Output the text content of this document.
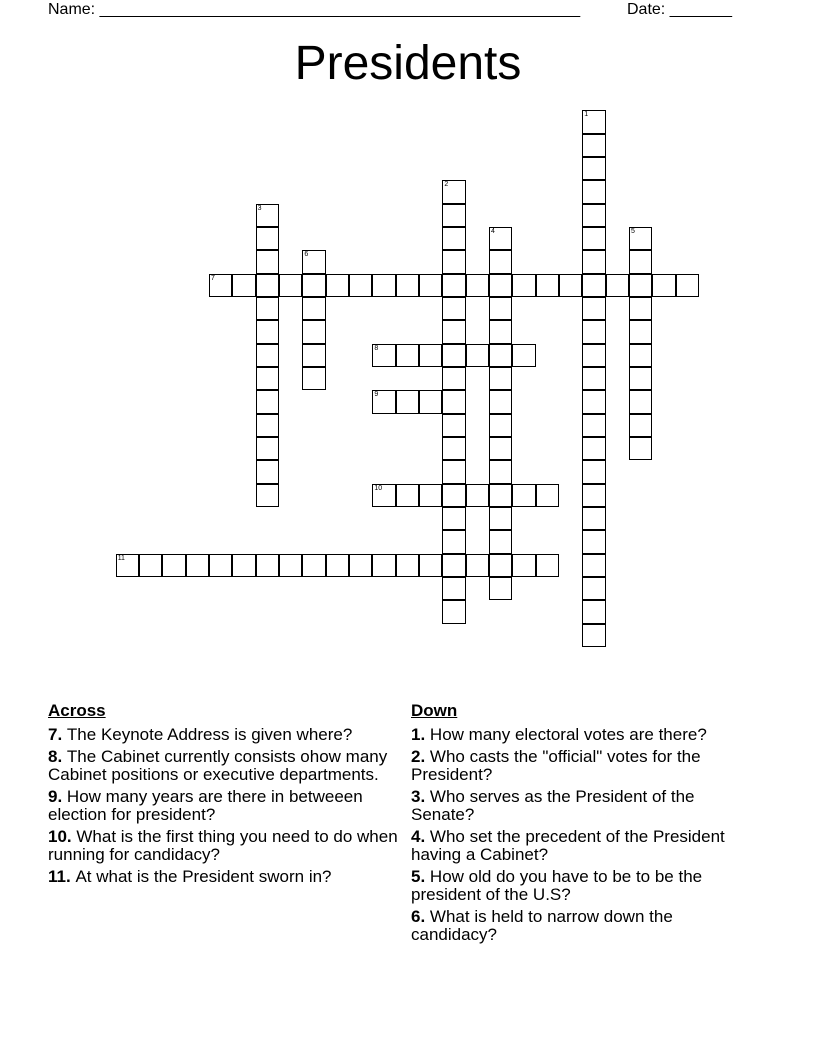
Name: ______________________________________________________	Date: _______
Presidents
1
2
3
4	5
6
7
8
9
10
11
Across
7. The Keynote Address is given where?
8. The Cabinet currently consists ohow many Cabinet positions or executive departments.
9. How many years are there in betweeen election for president?
10. What is the first thing you need to do when running for candidacy?
11. At what is the President sworn in?
Down
1. How many electoral votes are there?
2. Who casts the "official" votes for the President?
3. Who serves as the President of the Senate?
4. Who set the precedent of the President having a Cabinet?
5. How old do you have to be to be the president of the U.S?
6. What is held to narrow down the candidacy?
